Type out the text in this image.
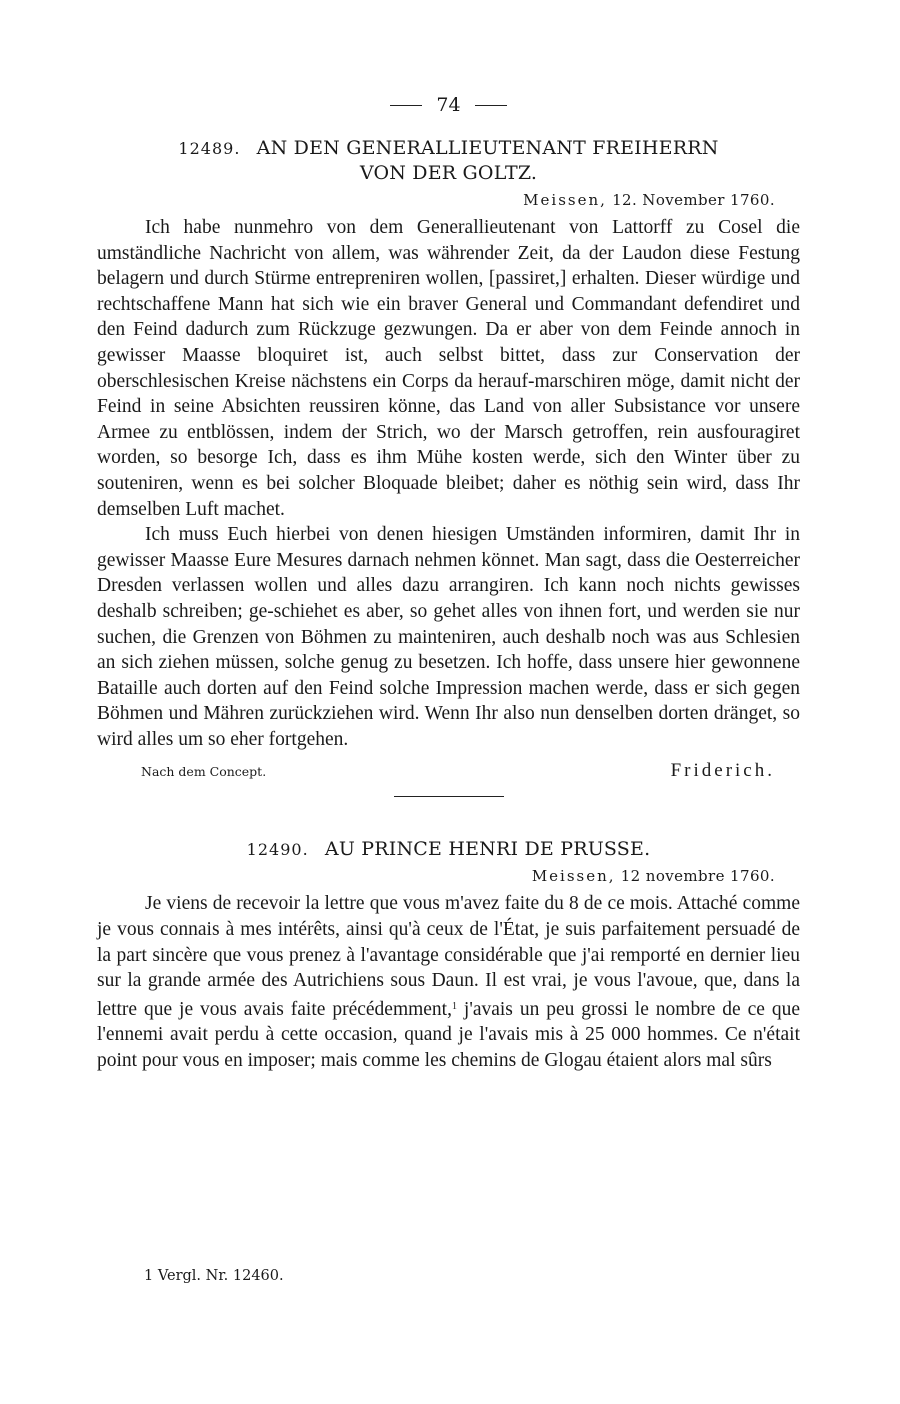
74
12489. AN DEN GENERALLIEUTENANT FREIHERRN
VON DER GOLTZ.
Meissen, 12. November 1760.

Ich habe nunmehro von dem Generallieutenant von Lattorff zu Cosel die umständliche Nachricht von allem, was währender Zeit, da der Laudon diese Festung belagern und durch Stürme entrepreniren wollen, [passiret,] erhalten. Dieser würdige und rechtschaffene Mann hat sich wie ein braver General und Commandant defendiret und den Feind dadurch zum Rückzuge gezwungen. Da er aber von dem Feinde annoch in gewisser Maasse bloquiret ist, auch selbst bittet, dass zur Conservation der oberschlesischen Kreise nächstens ein Corps da herauf-marschiren möge, damit nicht der Feind in seine Absichten reussiren könne, das Land von aller Subsistance vor unsere Armee zu entblössen, indem der Strich, wo der Marsch getroffen, rein ausfouragiret worden, so besorge Ich, dass es ihm Mühe kosten werde, sich den Winter über zu souteniren, wenn es bei solcher Bloquade bleibet; daher es nöthig sein wird, dass Ihr demselben Luft machet.

Ich muss Euch hierbei von denen hiesigen Umständen informiren, damit Ihr in gewisser Maasse Eure Mesures darnach nehmen könnet. Man sagt, dass die Oesterreicher Dresden verlassen wollen und alles dazu arrangiren. Ich kann noch nichts gewisses deshalb schreiben; ge-schiehet es aber, so gehet alles von ihnen fort, und werden sie nur suchen, die Grenzen von Böhmen zu mainteniren, auch deshalb noch was aus Schlesien an sich ziehen müssen, solche genug zu besetzen. Ich hoffe, dass unsere hier gewonnene Bataille auch dorten auf den Feind solche Impression machen werde, dass er sich gegen Böhmen und Mähren zurückziehen wird. Wenn Ihr also nun denselben dorten dränget, so wird alles um so eher fortgehen.

Nach dem Concept.	Friderich.
12490. AU PRINCE HENRI DE PRUSSE.
Meissen, 12 novembre 1760.

Je viens de recevoir la lettre que vous m'avez faite du 8 de ce mois. Attaché comme je vous connais à mes intérêts, ainsi qu'à ceux de l'État, je suis parfaitement persuadé de la part sincère que vous prenez à l'avantage considérable que j'ai remporté en dernier lieu sur la grande armée des Autrichiens sous Daun. Il est vrai, je vous l'avoue, que, dans la lettre que je vous avais faite précédemment,$^1$ j'avais un peu grossi le nombre de ce que l'ennemi avait perdu à cette occasion, quand je l'avais mis à 25 000 hommes. Ce n'était point pour vous en imposer; mais comme les chemins de Glogau étaient alors mal sûrs

1 Vergl. Nr. 12460.
